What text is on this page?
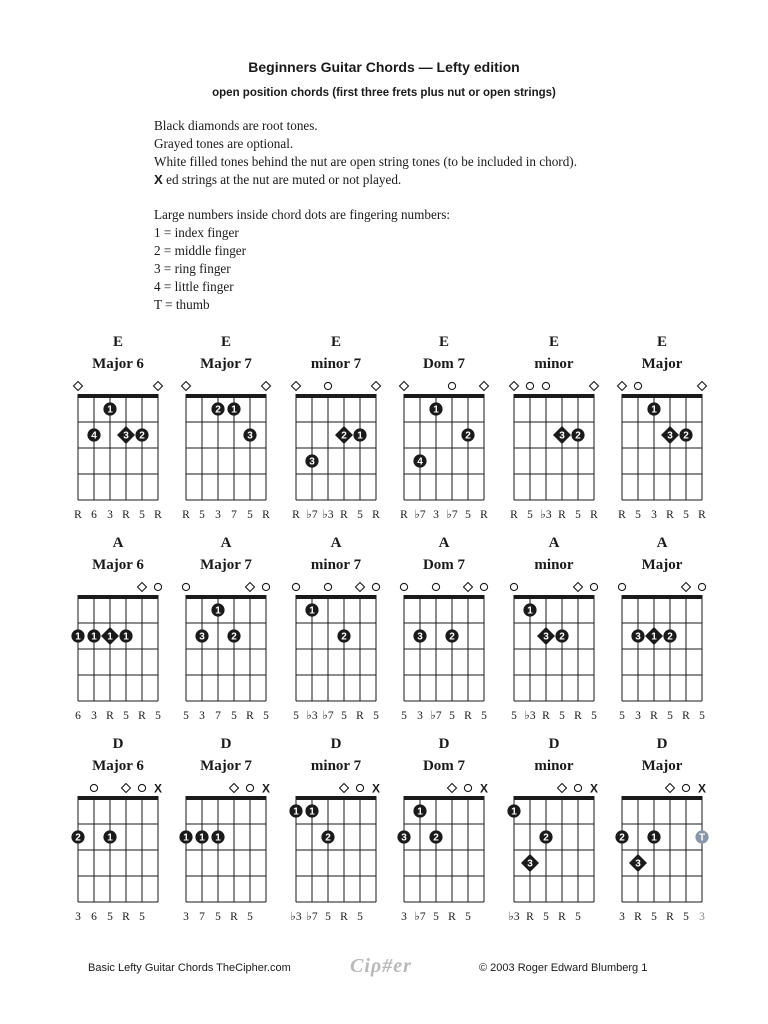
Beginners Guitar Chords — Lefty edition
open position chords (first three frets plus nut or open strings)
Black diamonds are root tones.
Grayed tones are optional.
White filled tones behind the nut are open string tones (to be included in chord).
X ed strings at the nut are muted or not played.
Large numbers inside chord dots are fingering numbers:
1 = index finger
2 = middle finger
3 = ring finger
4 = little finger
T = thumb
E
Major 6
1
4	3 2
R 6 3 R 5 R
E
Major 7
2 1
3
R 5 3 7 5 R
E
minor 7
2 1
3
R ♭7 ♭3 R 5 R
E
Dom 7
1
2
4
R ♭7 3 ♭7 5 R
E
minor
3 2
R 5 ♭3 R 5 R
E
Major
1
3 2
R 5 3 R 5 R
A
Major 6
1 1 1 1
6 3 R 5 R 5
A
Major 7
1
3	2
5 3 7 5 R 5
A
minor 7
1
2
5 ♭3 ♭7 5 R 5
A
Dom 7
3	2
5 3 ♭7 5 R 5
A
minor
1
3 2
5 ♭3 R 5 R 5
A
Major
3 1 2
5 3 R 5 R 5
D
Major 6
X
2	1
3 6 5 R 5
D
Major 7
X
1 1 1
3 7 5 R 5
D
minor 7
X
1 1
2
♭3 ♭7 5 R 5
D
Dom 7
X
1
3	2
3 ♭7 5 R 5
D
minor
X
1
2
3
♭3 R 5 R 5
D
Major
X
2	1
3
T
3 R 5 R 5 3
Basic Lefty Guitar Chords TheCipher.com	Ciρ#er	© 2003 Roger Edward Blumberg 1
